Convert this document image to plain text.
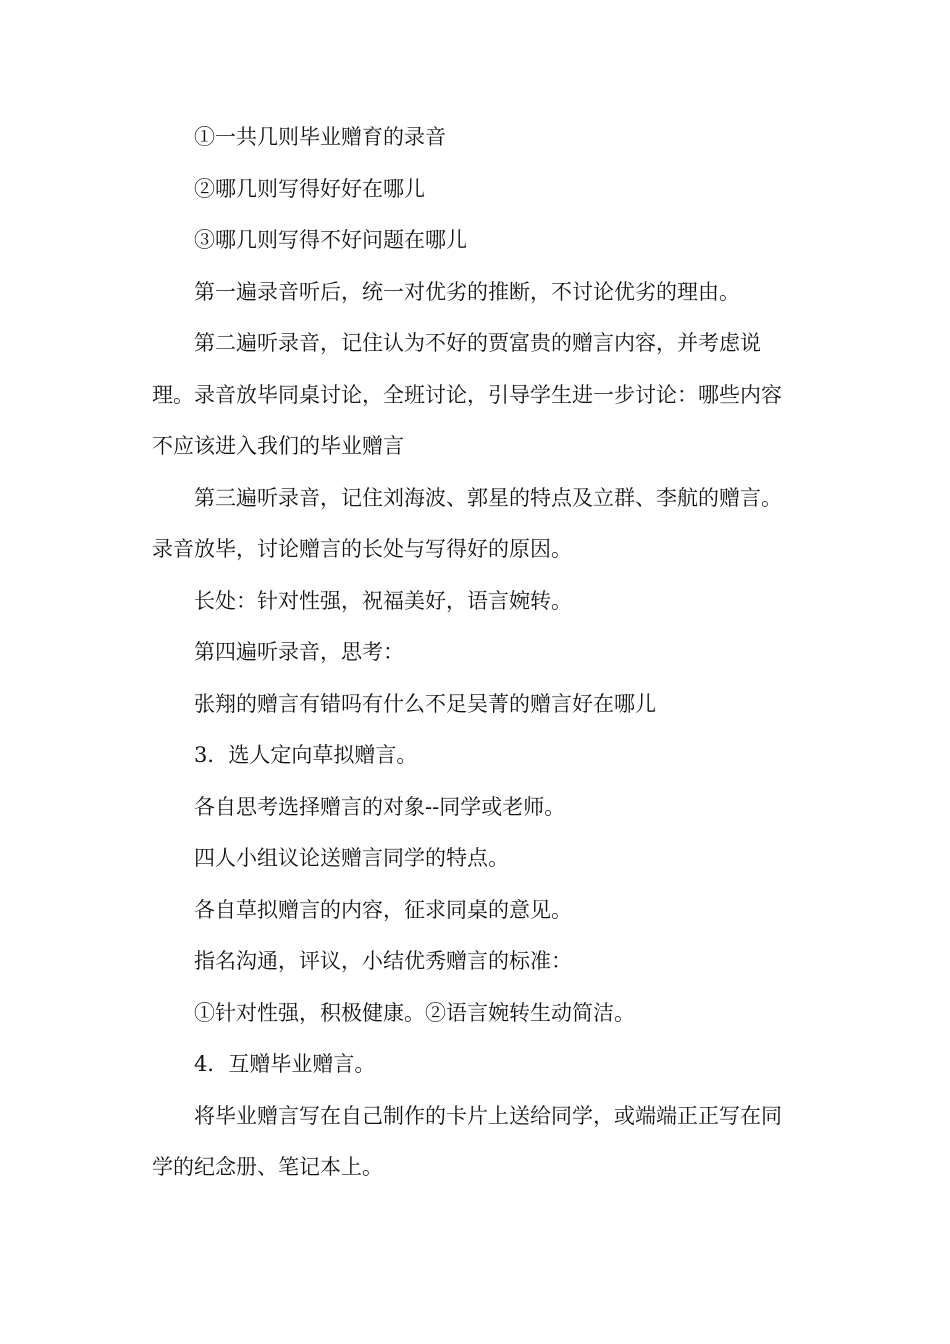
①一共几则毕业赠育的录音

②哪几则写得好好在哪儿

③哪几则写得不好问题在哪儿

第一遍录音听后，统一对优劣的推断，不讨论优劣的理由。

第二遍听录音，记住认为不好的贾富贵的赠言内容，并考虑说理。录音放毕同桌讨论，全班讨论，引导学生进一步讨论：哪些内容不应该进入我们的毕业赠言

第三遍听录音，记住刘海波、郭星的特点及立群、李航的赠言。录音放毕，讨论赠言的长处与写得好的原因。

长处：针对性强，祝福美好，语言婉转。

第四遍听录音，思考：

张翔的赠言有错吗有什么不足吴菁的赠言好在哪儿

3．选人定向草拟赠言。

各自思考选择赠言的对象--同学或老师。

四人小组议论送赠言同学的特点。

各自草拟赠言的内容，征求同桌的意见。

指名沟通，评议，小结优秀赠言的标准：

①针对性强，积极健康。②语言婉转生动简洁。

4．互赠毕业赠言。

将毕业赠言写在自己制作的卡片上送给同学，或端端正正写在同学的纪念册、笔记本上。
